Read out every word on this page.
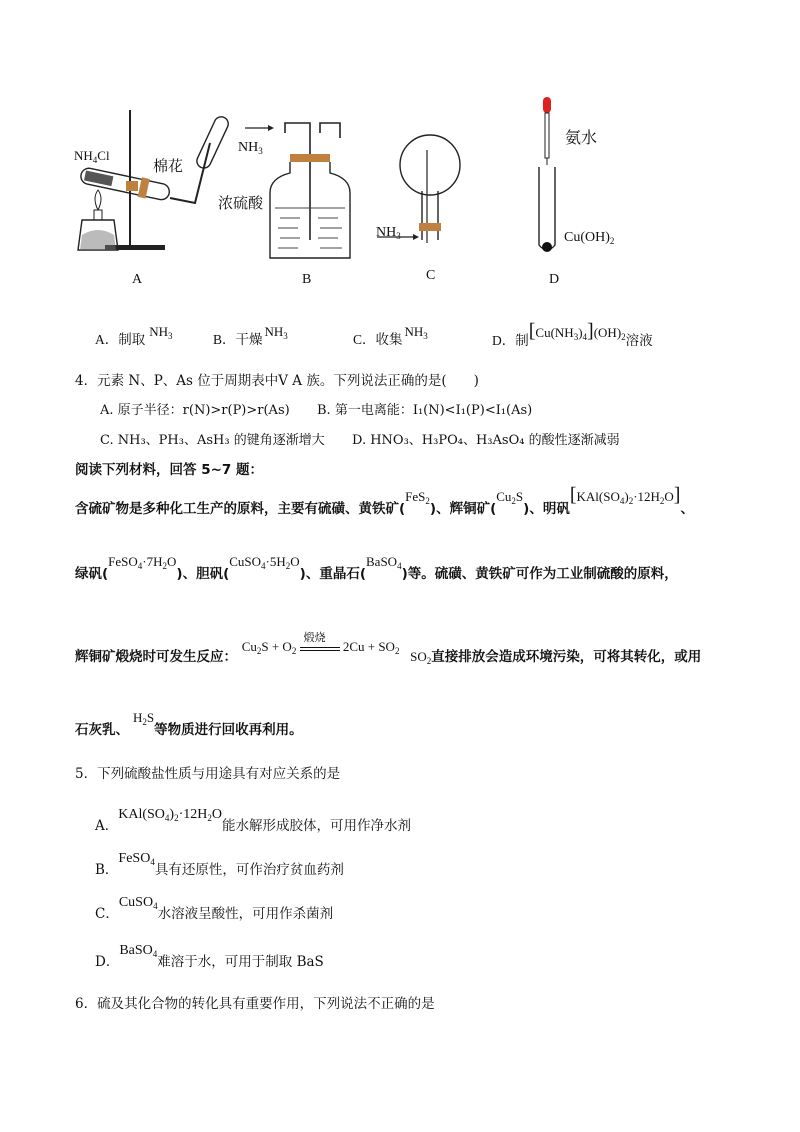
$NH_4Cl$
棉花
A
$NH_3$
浓硫酸
B
$NH_3$
C
氨水
$Cu(OH)_2$
D
A．制取$NH_3$	B．干燥$NH_3$	C．收集$NH_3$	D．制$[Cu(NH_3)_4](OH)_2$溶液
4．元素 N、P、As 位于周期表中Ⅴ A 族。下列说法正确的是(　　)
A. 原子半径：r(N)>r(P)>r(As) B. 第一电离能：I₁(N)<I₁(P)<I₁(As)
C. NH₃、PH₃、AsH₃ 的键角逐渐增大 D. HNO₃、H₃PO₄、H₃AsO₄ 的酸性逐渐减弱
阅读下列材料，回答 5~7 题：
含硫矿物是多种化工生产的原料，主要有硫磺、黄铁矿(FeS$_2$)、辉铜矿$(Cu_2S)$、明矾$[KAl(SO_4)_2\cdot 12H_2O]$、
绿矾$(FeSO_4\cdot 7H_2O)$、胆矾$(CuSO_4\cdot 5H_2O)$、重晶石(BaSO$_4$)等。硫磺、黄铁矿可作为工业制硫酸的原料，
辉铜矿煅烧时可发生反应： $Cu_2S + O_2$
煅烧
$2Cu + SO_2$ $SO_2$直接排放会造成环境污染，可将其转化，或用
石灰乳、$H_2S$等物质进行回收再利用。
5．下列硫酸盐性质与用途具有对应关系的是
A．$KAl(SO_4)_2\cdot 12H_2O$能水解形成胶体，可用作净水剂
B．FeSO$_4$具有还原性，可作治疗贫血药剂
C．CuSO$_4$水溶液呈酸性，可用作杀菌剂
D．BaSO$_4$难溶于水，可用于制取 BaS
6．硫及其化合物的转化具有重要作用，下列说法不正确的是
